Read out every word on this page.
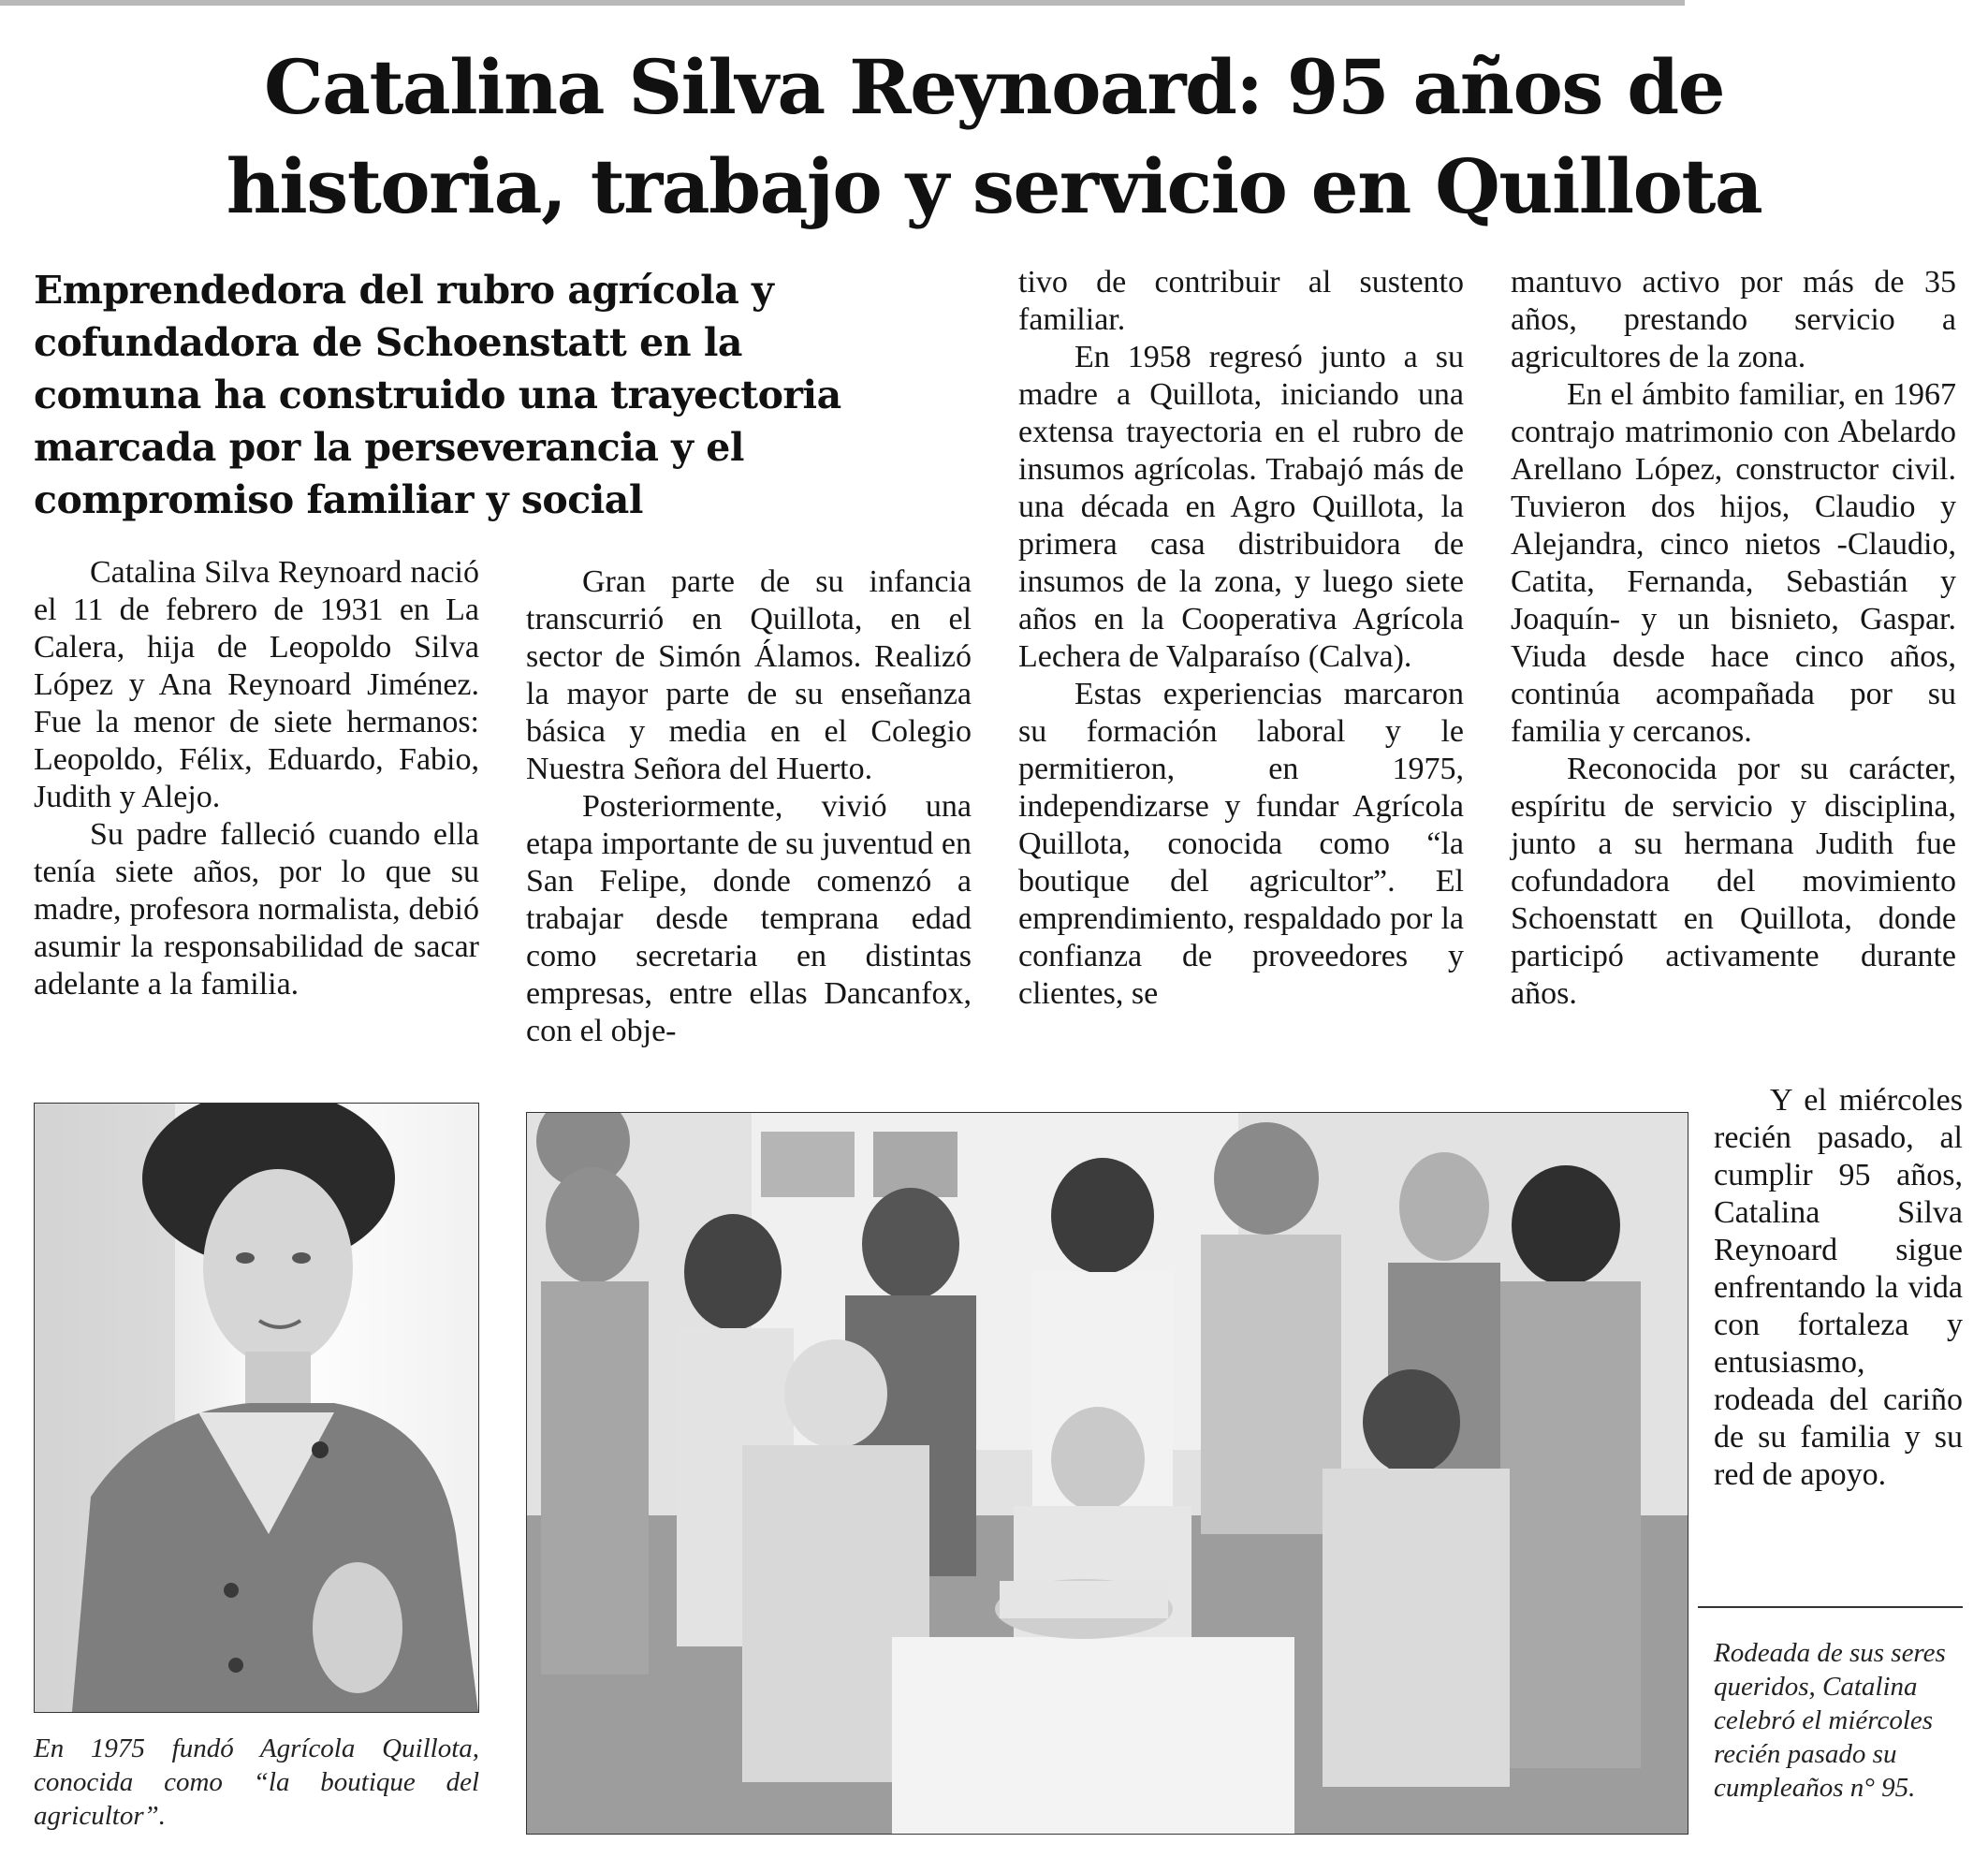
Catalina Silva Reynoard: 95 años de
historia, trabajo y servicio en Quillota
Emprendedora del rubro agrícola y cofundadora de Schoenstatt en la comuna ha construido una trayectoria marcada por la perseverancia y el compromiso familiar y social

Catalina Silva Reynoard nació el 11 de febrero de 1931 en La Calera, hija de Leopoldo Silva López y Ana Reynoard Jiménez. Fue la menor de siete hermanos: Leopoldo, Félix, Eduardo, Fabio, Judith y Alejo.

Su padre falleció cuando ella tenía siete años, por lo que su madre, profesora normalista, debió asumir la responsabilidad de sacar adelante a la familia.

Gran parte de su infancia transcurrió en Quillota, en el sector de Simón Álamos. Realizó la mayor parte de su enseñanza básica y media en el Colegio Nuestra Señora del Huerto.

Posteriormente, vivió una etapa importante de su juventud en San Felipe, donde comenzó a trabajar desde temprana edad como secretaria en distintas empresas, entre ellas Dancanfox, con el obje-

tivo de contribuir al sustento familiar.

En 1958 regresó junto a su madre a Quillota, iniciando una extensa trayectoria en el rubro de insumos agrícolas. Trabajó más de una década en Agro Quillota, la primera casa distribuidora de insumos de la zona, y luego siete años en la Cooperativa Agrícola Lechera de Valparaíso (Calva).

Estas experiencias marcaron su formación laboral y le permitieron, en 1975, independizarse y fundar Agrícola Quillota, conocida como “la boutique del agricultor”. El emprendimiento, respaldado por la confianza de proveedores y clientes, se

mantuvo activo por más de 35 años, prestando servicio a agricultores de la zona.

En el ámbito familiar, en 1967 contrajo matrimonio con Abelardo Arellano López, constructor civil. Tuvieron dos hijos, Claudio y Alejandra, cinco nietos -Claudio, Catita, Fernanda, Sebastián y Joaquín- y un bisnieto, Gaspar. Viuda desde hace cinco años, continúa acompañada por su familia y cercanos.

Reconocida por su carácter, espíritu de servicio y disciplina, junto a su hermana Judith fue cofundadora del movimiento Schoenstatt en Quillota, donde participó activamente durante años.

Y el miércoles recién pasado, al cumplir 95 años, Catalina Silva Reynoard sigue enfrentando la vida con fortaleza y entusiasmo, rodeada del cariño de su familia y su red de apoyo.

En 1975 fundó Agrícola Quillota, conocida como “la boutique del agricultor”.
Rodeada de sus seres queridos, Catalina celebró el miércoles recién pasado su cumpleaños n° 95.
